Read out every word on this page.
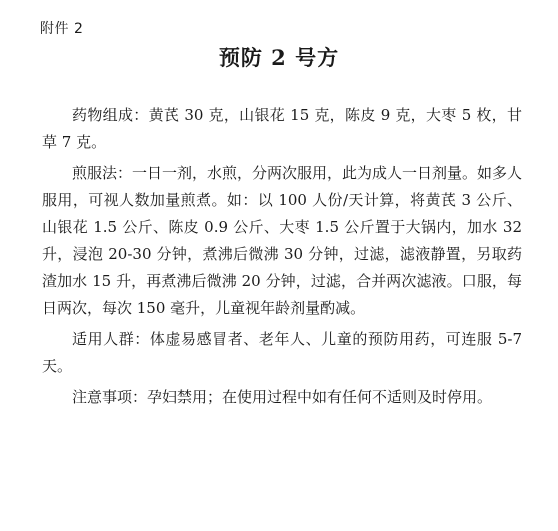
附件 2
预防 2 号方

药物组成：黄芪 30 克，山银花 15 克，陈皮 9 克，大枣 5 枚，甘草 7 克。

煎服法：一日一剂，水煎，分两次服用，此为成人一日剂量。如多人服用，可视人数加量煎煮。如：以 100 人份/天计算，将黄芪 3 公斤、山银花 1.5 公斤、陈皮 0.9 公斤、大枣 1.5 公斤置于大锅内，加水 32 升，浸泡 20-30 分钟，煮沸后微沸 30 分钟，过滤，滤液静置，另取药渣加水 15 升，再煮沸后微沸 20 分钟，过滤，合并两次滤液。口服，每日两次，每次 150 毫升，儿童视年龄剂量酌减。

适用人群：体虚易感冒者、老年人、儿童的预防用药，可连服 5-7 天。

注意事项：孕妇禁用；在使用过程中如有任何不适则及时停用。
